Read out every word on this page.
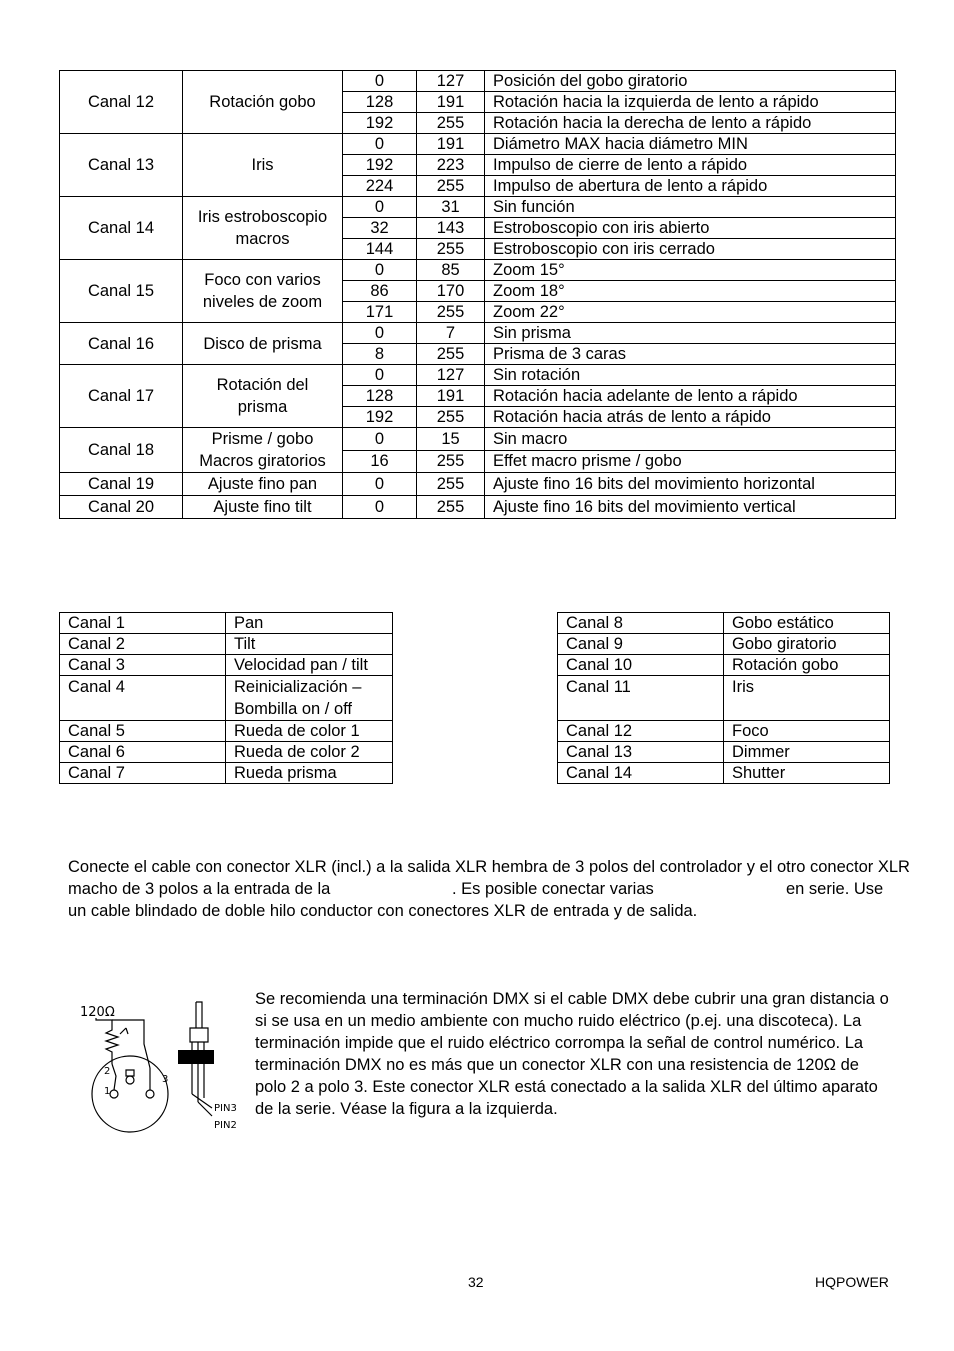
Canal 12	Rotación gobo	0	127	Posición del gobo giratorio
		128	191	Rotación hacia la izquierda de lento a rápido
		192	255	Rotación hacia la derecha de lento a rápido
Canal 13	Iris	0	191	Diámetro MAX hacia diámetro MIN
		192	223	Impulso de cierre de lento a rápido
		224	255	Impulso de abertura de lento a rápido
Canal 14	Iris estroboscopio macros	0	31	Sin función
		32	143	Estroboscopio con iris abierto
		144	255	Estroboscopio con iris cerrado
Canal 15	Foco con varios niveles de zoom	0	85	Zoom 15°
		86	170	Zoom 18°
		171	255	Zoom 22°
Canal 16	Disco de prisma	0	7	Sin prisma
		8	255	Prisma de 3 caras
Canal 17	Rotación del prisma	0	127	Sin rotación
		128	191	Rotación hacia adelante de lento a rápido
		192	255	Rotación hacia atrás de lento a rápido
Canal 18	Prisme / gobo Macros giratorios	0	15	Sin macro
		16	255	Effet macro prisme / gobo
Canal 19	Ajuste fino pan	0	255	Ajuste fino 16 bits del movimiento horizontal
Canal 20	Ajuste fino tilt	0	255	Ajuste fino 16 bits del movimiento vertical
Canal 1	Pan
Canal 2	Tilt
Canal 3	Velocidad pan / tilt
Canal 4	Reinicialización – Bombilla on / off
Canal 5	Rueda de color 1
Canal 6	Rueda de color 2
Canal 7	Rueda prisma
Canal 8	Gobo estático
Canal 9	Gobo giratorio
Canal 10	Rotación gobo
Canal 11	Iris
Canal 12	Foco
Canal 13	Dimmer
Canal 14	Shutter
Conecte el cable con conector XLR (incl.) a la salida XLR hembra de 3 polos del controlador y el otro conector XLR
macho de 3 polos a la entrada de la	. Es posible conectar varias	en serie. Use
un cable blindado de doble hilo conductor con conectores XLR de entrada y de salida.
120Ω
2
1
3
PIN3
PIN2
Se recomienda una terminación DMX si el cable DMX debe cubrir una gran distancia o si se usa en un medio ambiente con mucho ruido eléctrico (p.ej. una discoteca). La terminación impide que el ruido eléctrico corrompa la señal de control numérico. La terminación DMX no es más que un conector XLR con una resistencia de 120Ω de polo 2 a polo 3. Este conector XLR está conectado a la salida XLR del último aparato de la serie. Véase la figura a la izquierda.
32	HQPOWER
